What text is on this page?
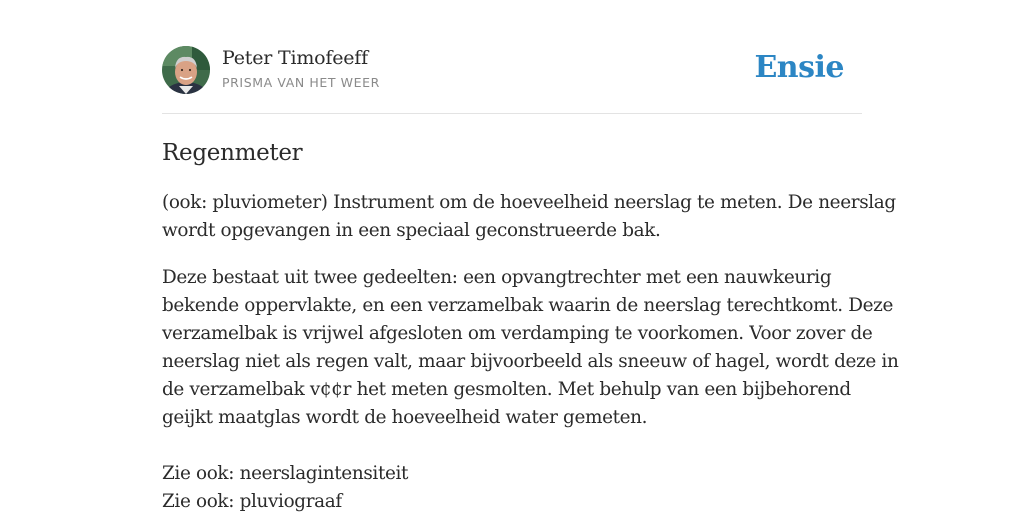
Peter Timofeeff
PRISMA VAN HET WEER	Ensie
Regenmeter

(ook: pluviometer) Instrument om de hoeveelheid neerslag te meten. De neerslag
wordt opgevangen in een speciaal geconstrueerde bak.

Deze bestaat uit twee gedeelten: een opvangtrechter met een nauwkeurig
bekende oppervlakte, en een verzamelbak waarin de neerslag terechtkomt. Deze
verzamelbak is vrijwel afgesloten om verdamping te voorkomen. Voor zover de
neerslag niet als regen valt, maar bijvoorbeeld als sneeuw of hagel, wordt deze in
de verzamelbak v¢¢r het meten gesmolten. Met behulp van een bijbehorend
geijkt maatglas wordt de hoeveelheid water gemeten.

Zie ook: neerslagintensiteit
Zie ook: pluviograaf
